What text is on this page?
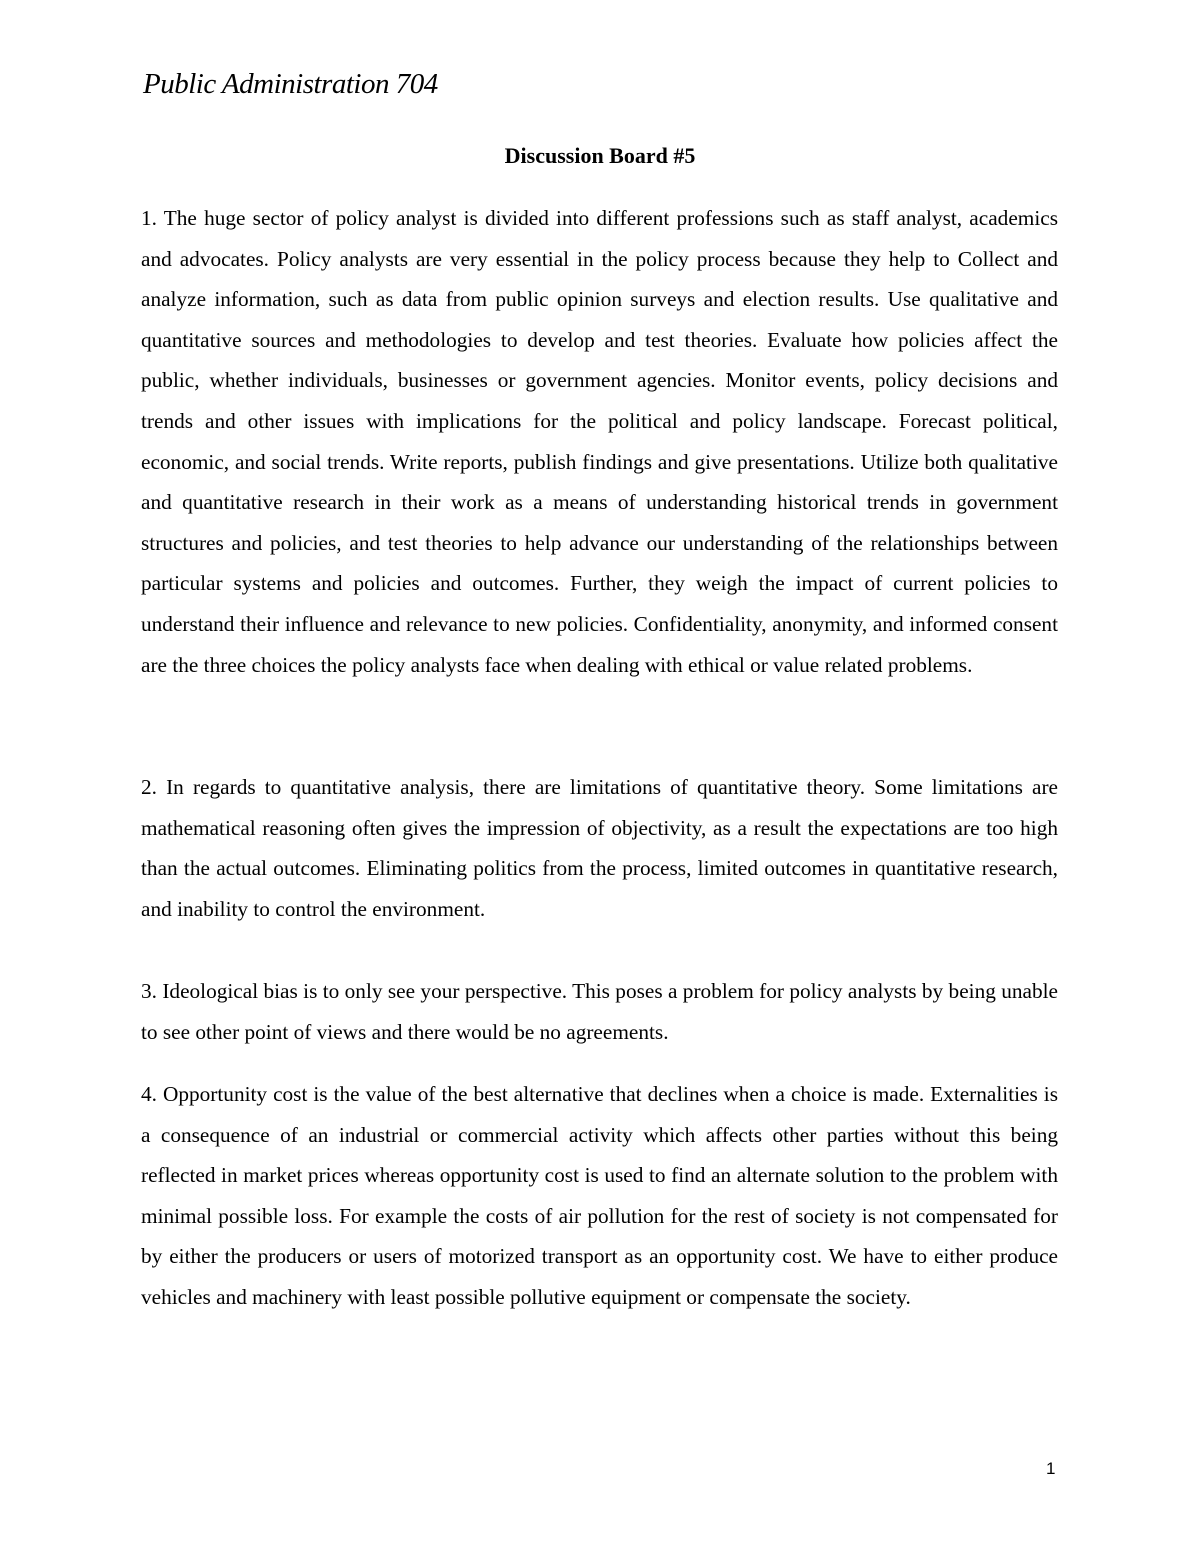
Public Administration 704
Discussion Board #5

1. The huge sector of policy analyst is divided into different professions such as staff analyst, academics and advocates. Policy analysts are very essential in the policy process because they help to Collect and analyze information, such as data from public opinion surveys and election results. Use qualitative and quantitative sources and methodologies to develop and test theories. Evaluate how policies affect the public, whether individuals, businesses or government agencies. Monitor events, policy decisions and trends and other issues with implications for the political and policy landscape. Forecast political, economic, and social trends. Write reports, publish findings and give presentations. Utilize both qualitative and quantitative research in their work as a means of understanding historical trends in government structures and policies, and test theories to help advance our understanding of the relationships between particular systems and policies and outcomes. Further, they weigh the impact of current policies to understand their influence and relevance to new policies. Confidentiality, anonymity, and informed consent are the three choices the policy analysts face when dealing with ethical or value related problems.

2. In regards to quantitative analysis, there are limitations of quantitative theory. Some limitations are mathematical reasoning often gives the impression of objectivity, as a result the expectations are too high than the actual outcomes. Eliminating politics from the process, limited outcomes in quantitative research, and inability to control the environment.

3. Ideological bias is to only see your perspective. This poses a problem for policy analysts by being unable to see other point of views and there would be no agreements.

4. Opportunity cost is the value of the best alternative that declines when a choice is made. Externalities is a consequence of an industrial or commercial activity which affects other parties without this being reflected in market prices whereas opportunity cost is used to find an alternate solution to the problem with minimal possible loss. For example the costs of air pollution for the rest of society is not compensated for by either the producers or users of motorized transport as an opportunity cost. We have to either produce vehicles and machinery with least possible pollutive equipment or compensate the society.

1
